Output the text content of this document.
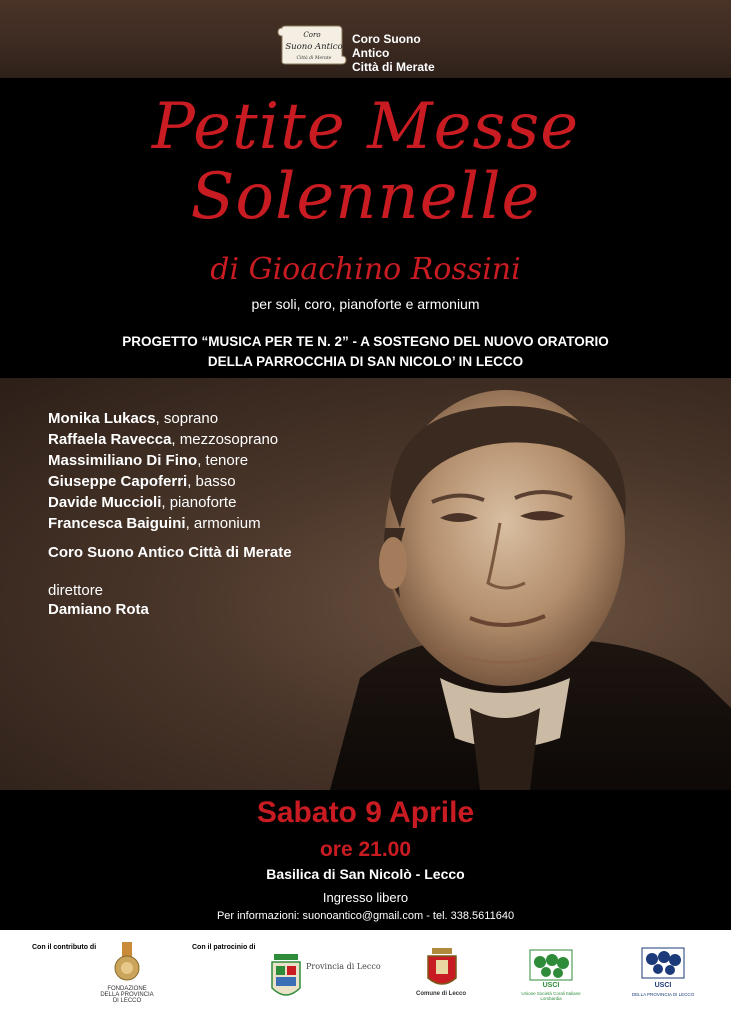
Coro
Suono Antico
Città di Merate
Coro Suono Antico
Città di Merate
Petite Messe
Solennelle
di Gioachino Rossini
per soli, coro, pianoforte e armonium
PROGETTO “MUSICA PER TE N. 2” - A SOSTEGNO DEL NUOVO ORATORIO
DELLA PARROCCHIA DI SAN NICOLO’ IN LECCO
Monika Lukacs, soprano
Raffaela Ravecca, mezzosoprano
Massimiliano Di Fino, tenore
Giuseppe Capoferri, basso
Davide Muccioli, pianoforte
Francesca Baiguini, armonium
Coro Suono Antico Città di Merate
direttore
Damiano Rota
Sabato 9 Aprile
ore 21.00
Basilica di San Nicolò - Lecco
Ingresso libero
Per informazioni: suonoantico@gmail.com - tel. 338.5611640
Con il contributo di	Con il patrocinio di
FONDAZIONE DELLA PROVINCIA DI LECCO
Provincia di Lecco
Comune di Lecco
USCI
Unione Società Corali Italiane Lombardia
USCI
DELLA PROVINCIA DI LECCO
